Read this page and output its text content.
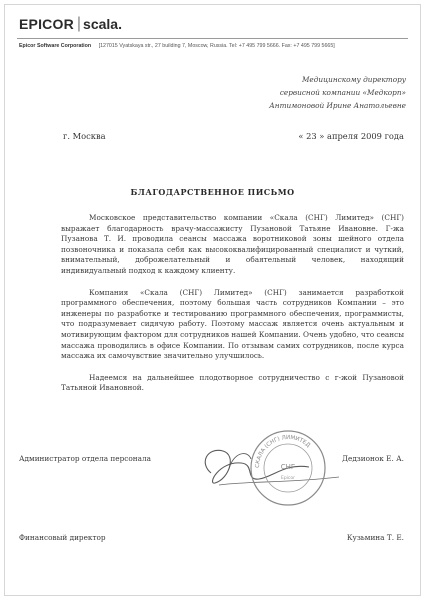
EPICOR | scala.
Epicor Software Corporation [127015 Vyatskaya str., 27 building 7, Moscow, Russia. Tel: +7 495 799 5666. Fax: +7 495 799 5665]
Медицинскому директору
сервисной компании «Медкорп»
Антимоновой Ирине Анатольевне
г. Москва	« 23 » апреля 2009 года
БЛАГОДАРСТВЕННОЕ ПИСЬМО

Московское представительство компании «Скала (СНГ) Лимитед» (СНГ) выражает благодарность врачу-массажисту Пузановой Татьяне Ивановне. Г-жа Пузанова Т. И. проводила сеансы массажа воротниковой зоны шейного отдела позвоночника и показала себя как высококвалифицированный специалист и чуткий, внимательный, доброжелательный и обаятельный человек, находящий индивидуальный подход к каждому клиенту.

Компания «Скала (СНГ) Лимитед» (СНГ) занимается разработкой программного обеспечения, поэтому большая часть сотрудников Компании – это инженеры по разработке и тестированию программного обеспечения, программисты, что подразумевает сидячую работу. Поэтому массаж является очень актуальным и мотивирующим фактором для сотрудников нашей Компании. Очень удобно, что сеансы массажа проводились в офисе Компании. По отзывам самих сотрудников, после курса массажа их самочувствие значительно улучшилось.

Надеемся на дальнейшее плодотворное сотрудничество с г-жой Пузановой Татьяной Ивановной.

СКАЛА (СНГ) ЛИМИТЕД
СНГ
Epicor
Администратор отдела персонала	Дедзионок Е. А.
Финансовый директор	Кузьмина Т. Е.
